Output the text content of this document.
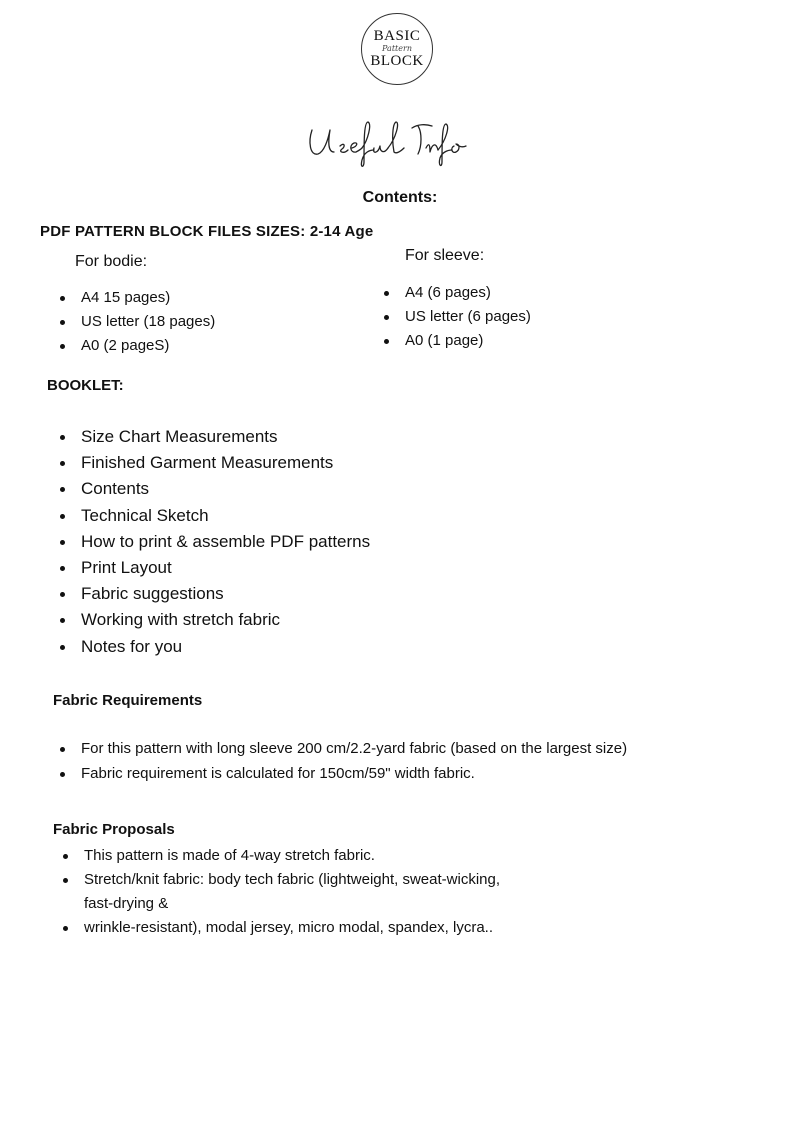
BASIC
Pattern
BLOCK
Contents:
PDF PATTERN BLOCK FILES SIZES: 2-14 Age
For bodie:
A4 15 pages)
US letter (18 pages)
A0 (2 pageS)
For sleeve:
A4 (6 pages)
US letter (6 pages)
A0 (1 page)
BOOKLET:
Size Chart Measurements
Finished Garment Measurements
Contents
Technical Sketch
How to print & assemble PDF patterns
Print Layout
Fabric suggestions
Working with stretch fabric
Notes for you
Fabric Requirements
For this pattern with long sleeve 200 cm/2.2-yard fabric (based on the largest size)
Fabric requirement is calculated for 150cm/59" width fabric.
Fabric Proposals
This pattern is made of 4-way stretch fabric.
Stretch/knit fabric: body tech fabric (lightweight, sweat-wicking,
fast-drying &
wrinkle-resistant), modal jersey, micro modal, spandex, lycra..
